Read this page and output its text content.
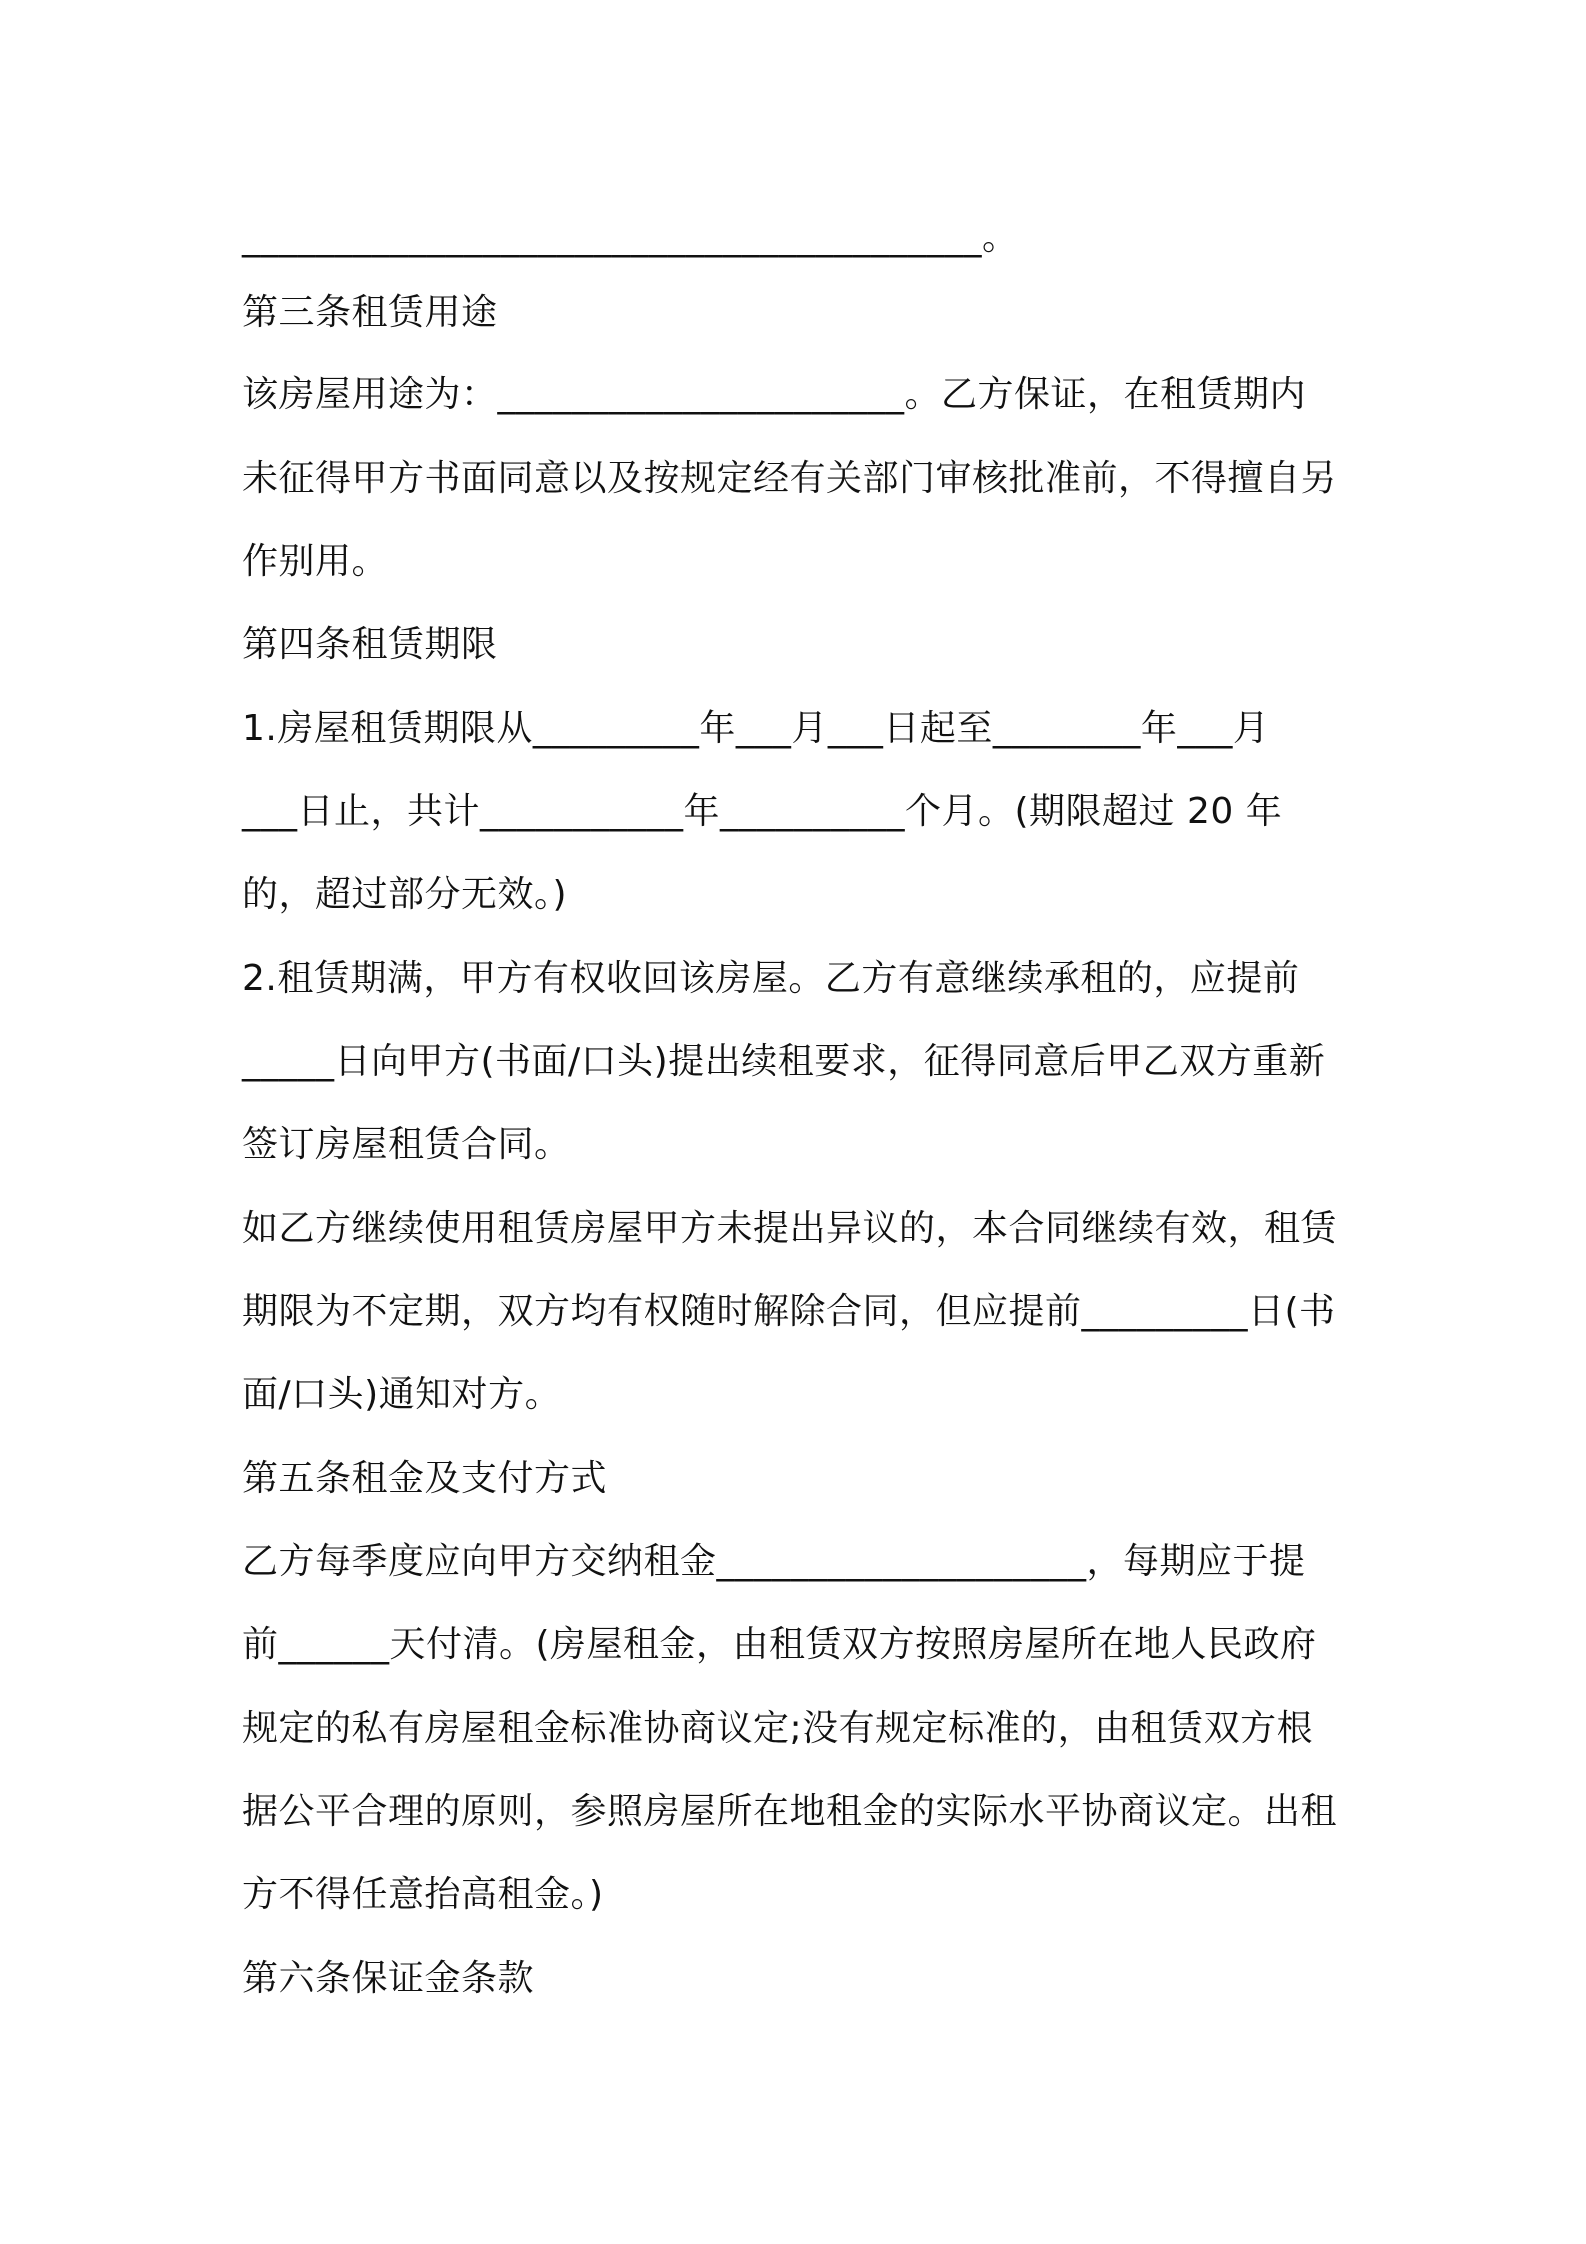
________________________________________。
第三条租赁用途
该房屋用途为：______________________。乙方保证，在租赁期内
未征得甲方书面同意以及按规定经有关部门审核批准前，不得擅自另
作别用。
第四条租赁期限
1.房屋租赁期限从_________年___月___日起至________年___月
___日止，共计___________年__________个月。(期限超过 20 年
的，超过部分无效。)
2.租赁期满，甲方有权收回该房屋。乙方有意继续承租的，应提前
_____日向甲方(书面/口头)提出续租要求，征得同意后甲乙双方重新
签订房屋租赁合同。
如乙方继续使用租赁房屋甲方未提出异议的，本合同继续有效，租赁
期限为不定期，双方均有权随时解除合同，但应提前_________日(书
面/口头)通知对方。
第五条租金及支付方式
乙方每季度应向甲方交纳租金____________________，每期应于提
前______天付清。(房屋租金，由租赁双方按照房屋所在地人民政府
规定的私有房屋租金标准协商议定;没有规定标准的，由租赁双方根
据公平合理的原则，参照房屋所在地租金的实际水平协商议定。出租
方不得任意抬高租金。)
第六条保证金条款
